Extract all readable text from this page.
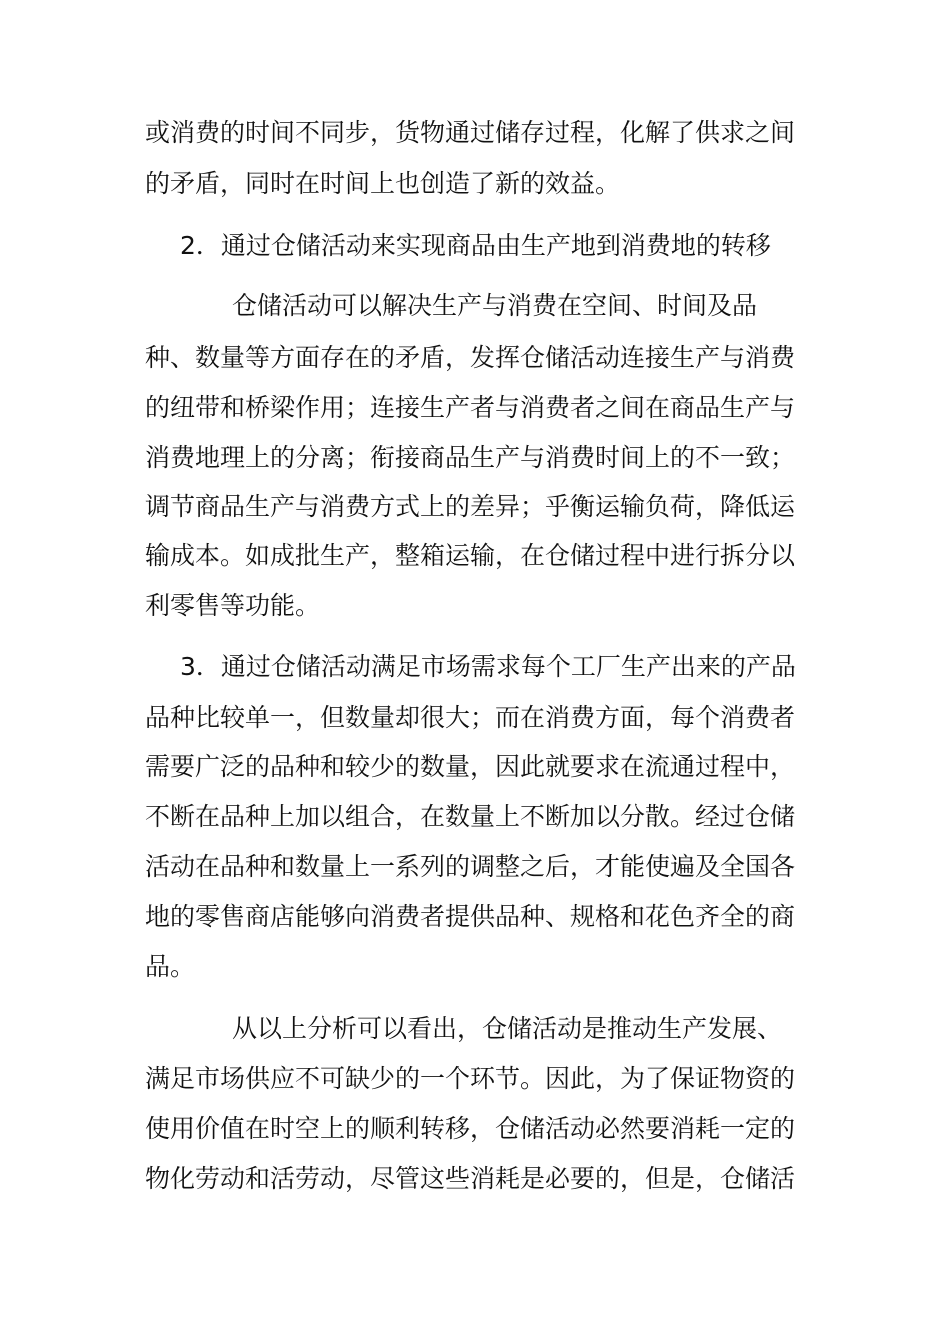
或消费的时间不同步，货物通过储存过程，化解了供求之间
的矛盾，同时在时间上也创造了新的效益。
2．通过仓储活动来实现商品由生产地到消费地的转移
仓储活动可以解决生产与消费在空间、时间及品
种、数量等方面存在的矛盾，发挥仓储活动连接生产与消费
的纽带和桥梁作用；连接生产者与消费者之间在商品生产与
消费地理上的分离；衔接商品生产与消费时间上的不一致；
调节商品生产与消费方式上的差异；乎衡运输负荷，降低运
输成本。如成批生产，整箱运输，在仓储过程中进行拆分以
利零售等功能。
3．通过仓储活动满足市场需求每个工厂生产出来的产品
品种比较单一，但数量却很大；而在消费方面，每个消费者
需要广泛的品种和较少的数量，因此就要求在流通过程中，
不断在品种上加以组合，在数量上不断加以分散。经过仓储
活动在品种和数量上一系列的调整之后，才能使遍及全国各
地的零售商店能够向消费者提供品种、规格和花色齐全的商
品。
从以上分析可以看出，仓储活动是推动生产发展、
满足市场供应不可缺少的一个环节。因此，为了保证物资的
使用价值在时空上的顺利转移，仓储活动必然要消耗一定的
物化劳动和活劳动，尽管这些消耗是必要的，但是，仓储活
